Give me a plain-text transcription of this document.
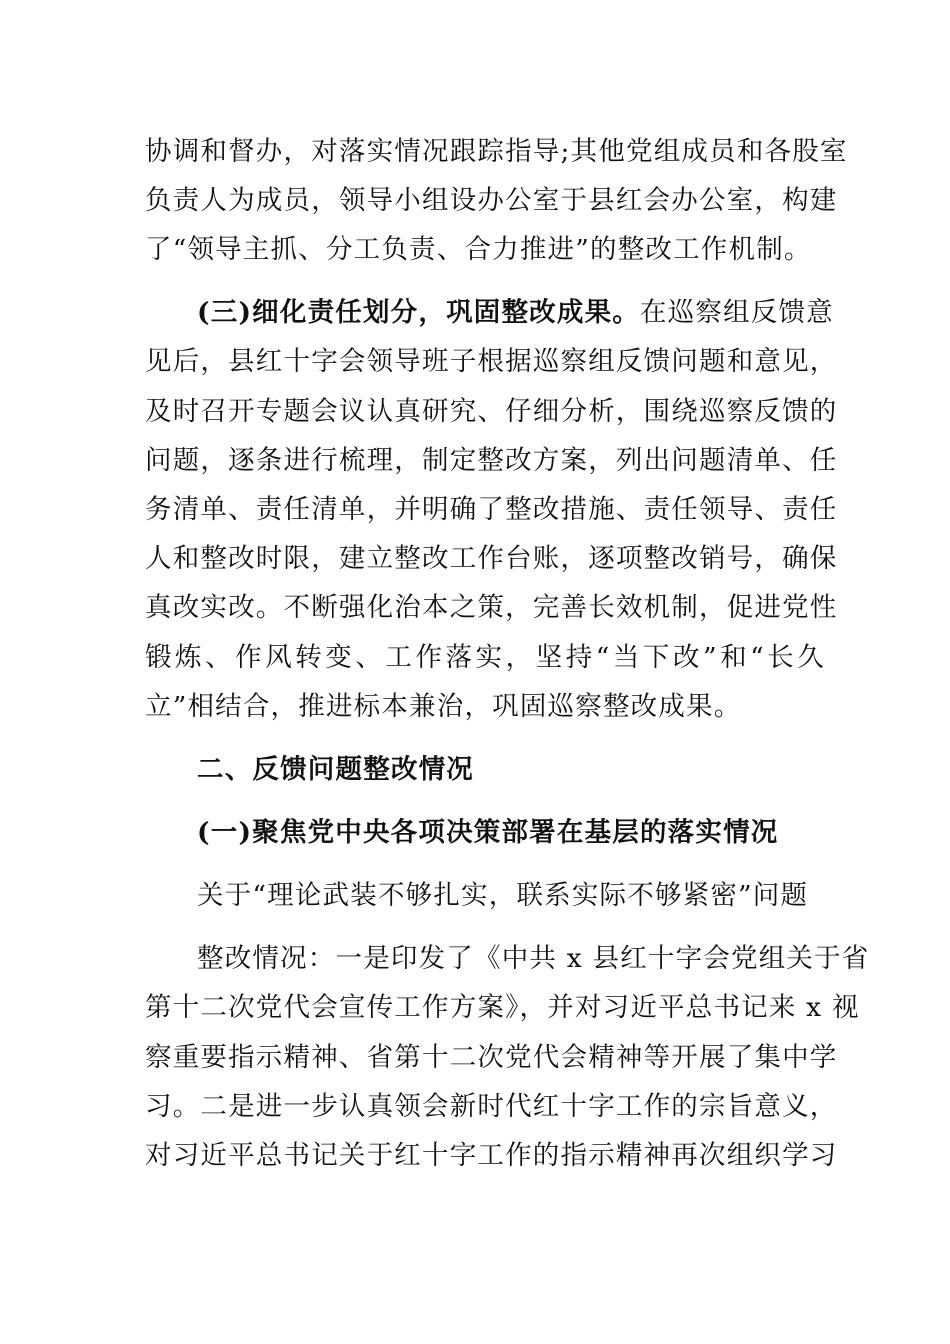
协调和督办，对落实情况跟踪指导;其他党组成员和各股室
负责人为成员，领导小组设办公室于县红会办公室，构建
了“领导主抓、分工负责、合力推进”的整改工作机制。
(三)细化责任划分，巩固整改成果。在巡察组反馈意
见后，县红十字会领导班子根据巡察组反馈问题和意见，
及时召开专题会议认真研究、仔细分析，围绕巡察反馈的
问题，逐条进行梳理，制定整改方案，列出问题清单、任
务清单、责任清单，并明确了整改措施、责任领导、责任
人和整改时限，建立整改工作台账，逐项整改销号，确保
真改实改。不断强化治本之策，完善长效机制，促进党性
锻炼、作风转变、工作落实，坚持“当下改”和“长久
立”相结合，推进标本兼治，巩固巡察整改成果。
二、反馈问题整改情况
(一)聚焦党中央各项决策部署在基层的落实情况
关于“理论武装不够扎实，联系实际不够紧密”问题
整改情况：一是印发了《中共 x 县红十字会党组关于省
第十二次党代会宣传工作方案》，并对习近平总书记来 x 视
察重要指示精神、省第十二次党代会精神等开展了集中学
习。二是进一步认真领会新时代红十字工作的宗旨意义，
对习近平总书记关于红十字工作的指示精神再次组织学习
